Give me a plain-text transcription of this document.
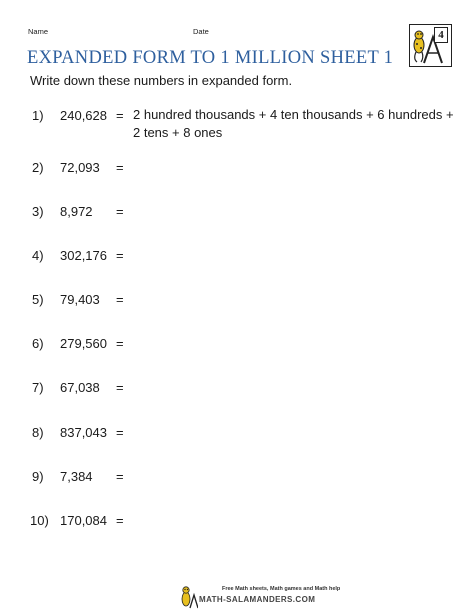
Name	Date
EXPANDED FORM TO 1 MILLION SHEET 1
4
Write down these numbers in expanded form.
1) 240,628 = 2 hundred thousands + 4 ten thousands + 6 hundreds + 2 tens + 8 ones
2) 72,093 =
3) 8,972 =
4) 302,176 =
5) 79,403 =
6) 279,560 =
7) 67,038 =
8) 837,043 =
9) 7,384 =
10) 170,084 =
Free Math sheets, Math games and Math help
MATH-SALAMANDERS.COM
